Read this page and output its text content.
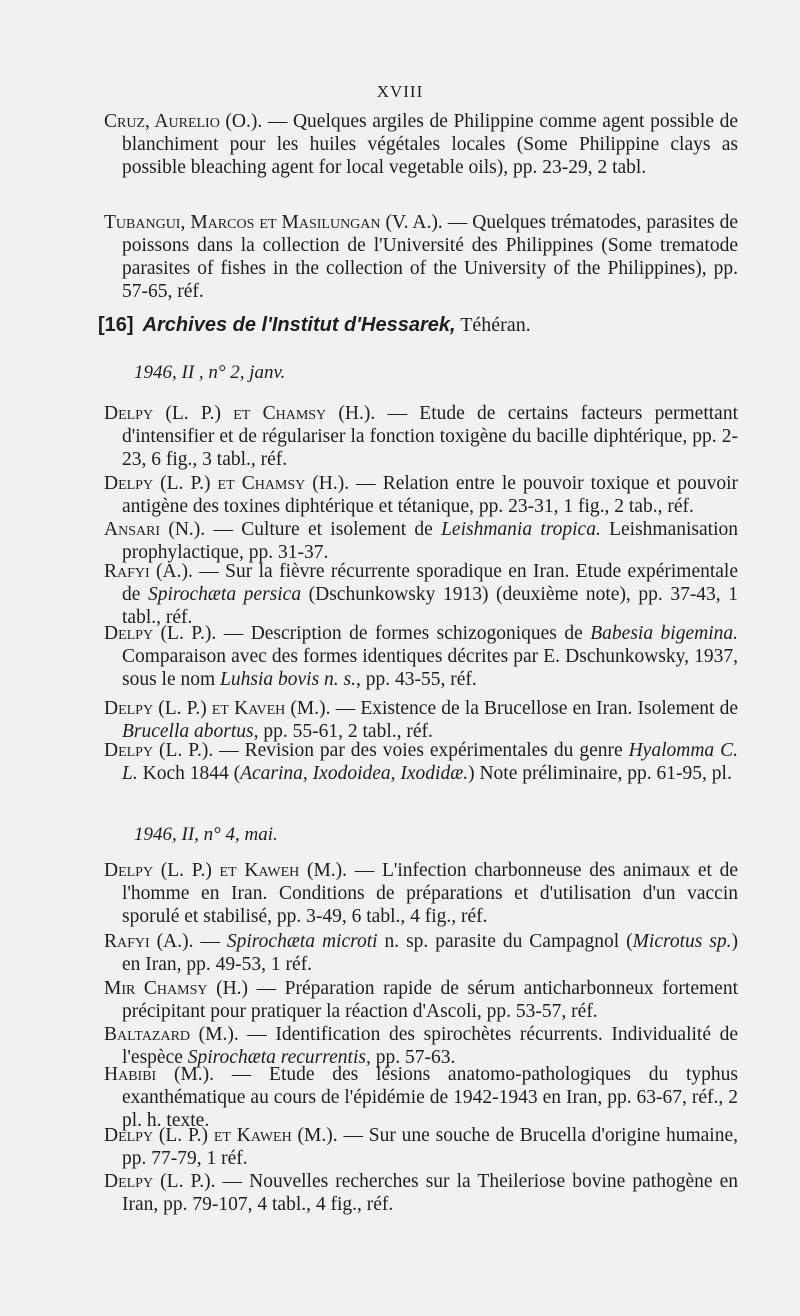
XVIII

Cruz, Aurelio (O.). — Quelques argiles de Philippine comme agent possible de blanchiment pour les huiles végétales locales (Some Philippine clays as possible bleaching agent for local vegetable oils), pp. 23-29, 2 tabl.

Tubangui, Marcos et Masilungan (V. A.). — Quelques trématodes, parasites de poissons dans la collection de l'Université des Philippines (Some trematode parasites of fishes in the collection of the University of the Philippines), pp. 57-65, réf.

[16] Archives de l'Institut d'Hessarek, Téhéran.
1946, II , n° 2, janv.

Delpy (L. P.) et Chamsy (H.). — Etude de certains facteurs permettant d'intensifier et de régulariser la fonction toxigène du bacille diphtérique, pp. 2-23, 6 fig., 3 tabl., réf.

Delpy (L. P.) et Chamsy (H.). — Relation entre le pouvoir toxique et pouvoir antigène des toxines diphtérique et tétanique, pp. 23-31, 1 fig., 2 tab., réf.

Ansari (N.). — Culture et isolement de Leishmania tropica. Leishmanisation prophylactique, pp. 31-37.

Rafyi (A.). — Sur la fièvre récurrente sporadique en Iran. Etude expérimentale de Spirochæta persica (Dschunkowsky 1913) (deuxième note), pp. 37-43, 1 tabl., réf.

Delpy (L. P.). — Description de formes schizogoniques de Babesia bigemina. Comparaison avec des formes identiques décrites par E. Dschunkowsky, 1937, sous le nom Luhsia bovis n. s., pp. 43-55, réf.

Delpy (L. P.) et Kaveh (M.). — Existence de la Brucellose en Iran. Isolement de Brucella abortus, pp. 55-61, 2 tabl., réf.

Delpy (L. P.). — Revision par des voies expérimentales du genre Hyalomma C. L. Koch 1844 (Acarina, Ixodoidea, Ixodidæ.) Note préliminaire, pp. 61-95, pl.

1946, II, n° 4, mai.

Delpy (L. P.) et Kaweh (M.). — L'infection charbonneuse des animaux et de l'homme en Iran. Conditions de préparations et d'utilisation d'un vaccin sporulé et stabilisé, pp. 3-49, 6 tabl., 4 fig., réf.

Rafyi (A.). — Spirochæta microti n. sp. parasite du Campagnol (Microtus sp.) en Iran, pp. 49-53, 1 réf.

Mir Chamsy (H.) — Préparation rapide de sérum anticharbonneux fortement précipitant pour pratiquer la réaction d'Ascoli, pp. 53-57, réf.

Baltazard (M.). — Identification des spirochètes récurrents. Individualité de l'espèce Spirochæta recurrentis, pp. 57-63.

Habibi (M.). — Etude des lésions anatomo-pathologiques du typhus exanthématique au cours de l'épidémie de 1942-1943 en Iran, pp. 63-67, réf., 2 pl. h. texte.

Delpy (L. P.) et Kaweh (M.). — Sur une souche de Brucella d'origine humaine, pp. 77-79, 1 réf.

Delpy (L. P.). — Nouvelles recherches sur la Theileriose bovine pathogène en Iran, pp. 79-107, 4 tabl., 4 fig., réf.
